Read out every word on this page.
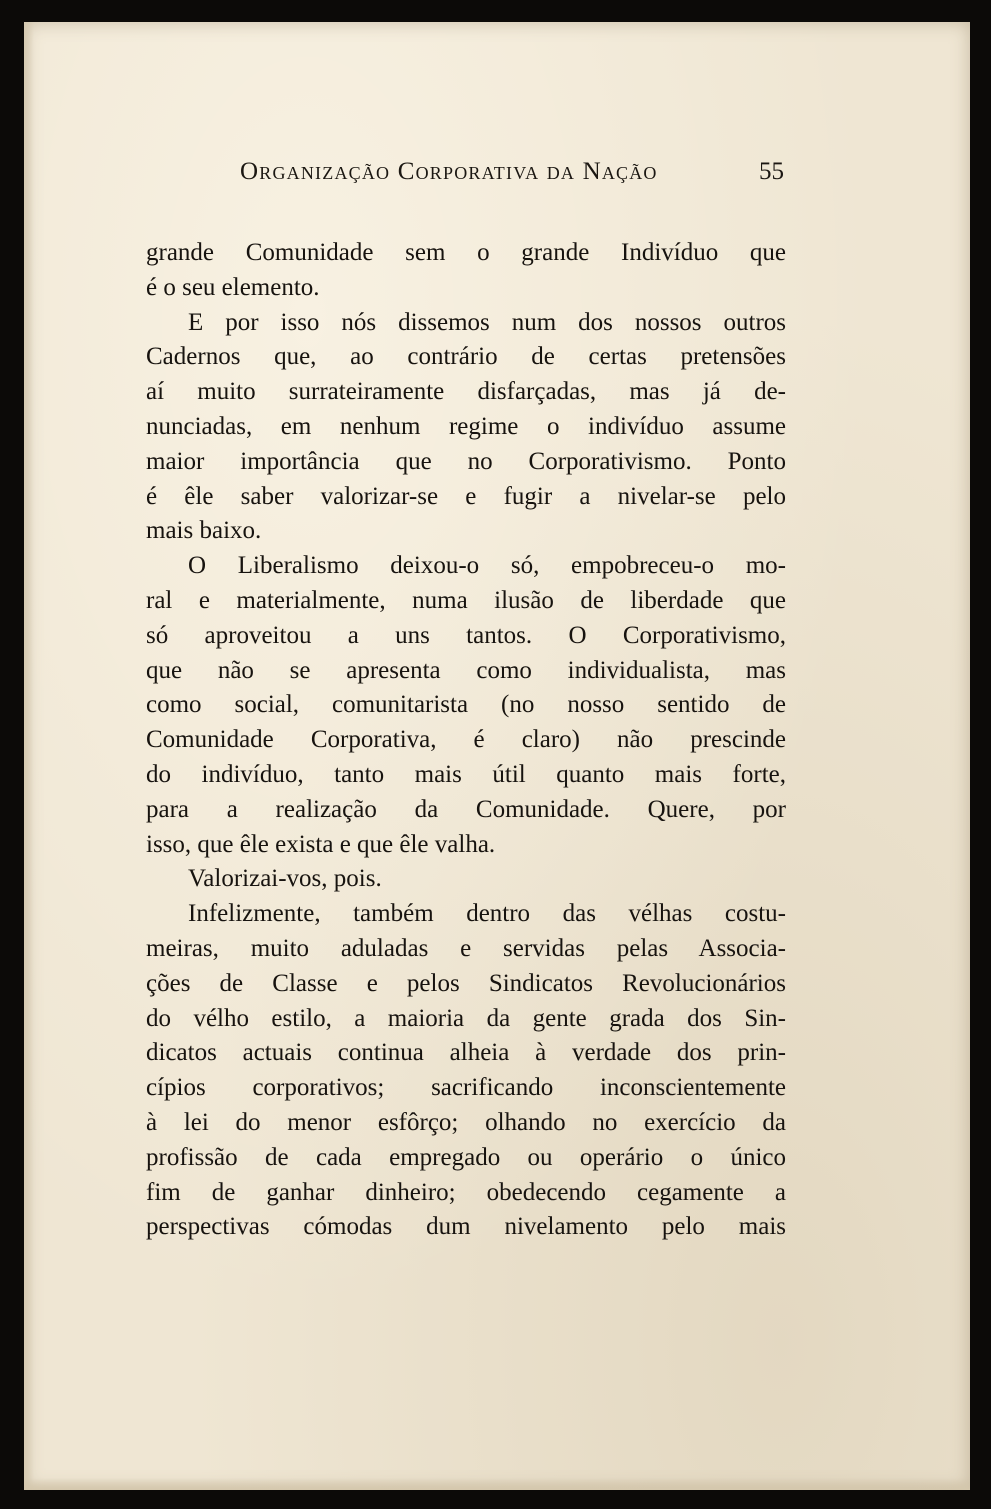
Organização Corporativa da Nação	55
grande Comunidade sem o grande Indivíduo que
é o seu elemento.
E por isso nós dissemos num dos nossos outros
Cadernos que, ao contrário de certas pretensões
aí muito surrateiramente disfarçadas, mas já de-
nunciadas, em nenhum regime o indivíduo assume
maior importância que no Corporativismo. Ponto
é êle saber valorizar-se e fugir a nivelar-se pelo
mais baixo.
O Liberalismo deixou-o só, empobreceu-o mo-
ral e materialmente, numa ilusão de liberdade que
só aproveitou a uns tantos. O Corporativismo,
que não se apresenta como individualista, mas
como social, comunitarista (no nosso sentido de
Comunidade Corporativa, é claro) não prescinde
do indivíduo, tanto mais útil quanto mais forte,
para a realização da Comunidade. Quere, por
isso, que êle exista e que êle valha.
Valorizai-vos, pois.
Infelizmente, também dentro das vélhas costu-
meiras, muito aduladas e servidas pelas Associa-
ções de Classe e pelos Sindicatos Revolucionários
do vélho estilo, a maioria da gente grada dos Sin-
dicatos actuais continua alheia à verdade dos prin-
cípios corporativos; sacrificando inconscientemente
à lei do menor esfôrço; olhando no exercício da
profissão de cada empregado ou operário o único
fim de ganhar dinheiro; obedecendo cegamente a
perspectivas cómodas dum nivelamento pelo mais
